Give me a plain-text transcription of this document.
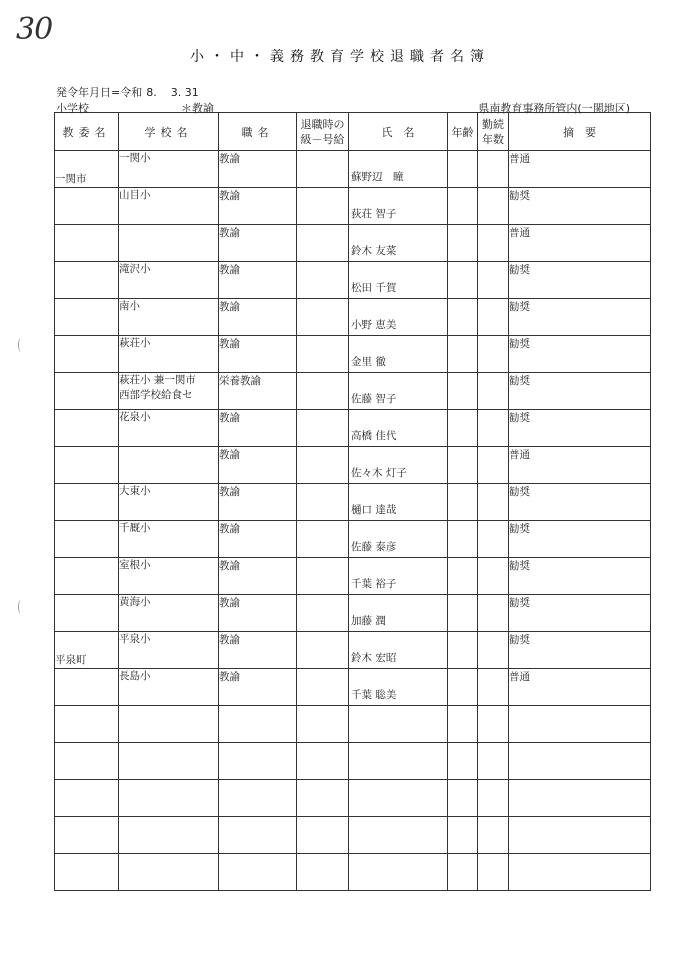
30
小・中・義務教育学校退職者名簿
発令年月日=令和 8.    3. 31
小学校	＊教諭	県南教育事務所管内(一関地区)
教委名	学校名	職名	退職時の
級－号給	氏　名	年齢	勤続
年数	摘　要

一関市	一関小	教諭		蘇野辺　瞳			普通

	山目小	教諭		荻荘 智子			勧奨

		教諭		鈴木 友菜			普通

	滝沢小	教諭		松田 千賀			勧奨

	南小	教諭		小野 恵美			勧奨

	萩荘小	教諭		金里 徹			勧奨

	萩荘小 兼一関市
西部学校給食セ	栄養教諭		佐藤 智子			勧奨

	花泉小	教諭		高橋 佳代			勧奨

		教諭		佐々木 灯子			普通

	大東小	教諭		樋口 達哉			勧奨

	千厩小	教諭		佐藤 泰彦			勧奨

	室根小	教諭		千葉 裕子			勧奨

	黄海小	教諭		加藤 潤			勧奨

平泉町	平泉小	教諭		鈴木 宏昭			勧奨

	長島小	教諭		千葉 聡美			普通
